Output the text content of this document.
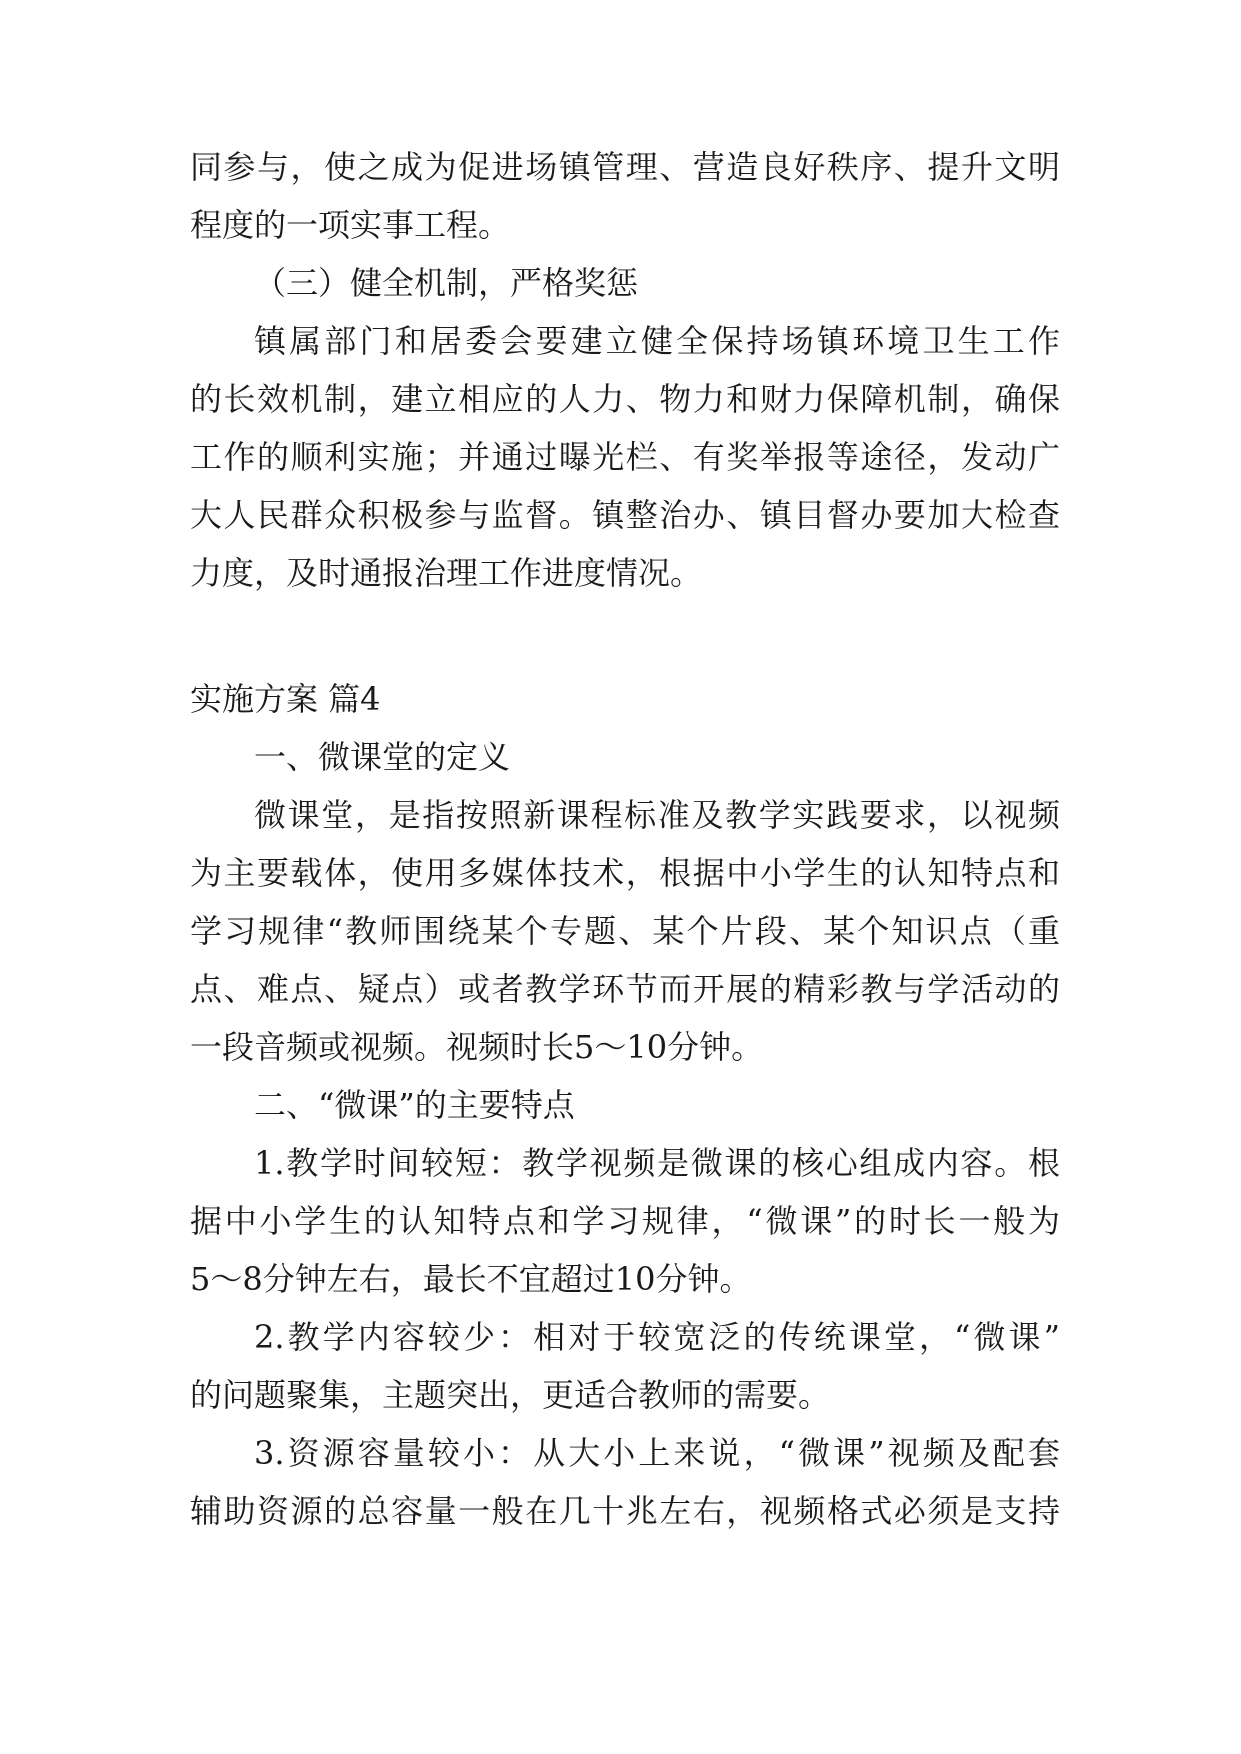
同参与，使之成为促进场镇管理、营造良好秩序、提升文明
程度的一项实事工程。
（三）健全机制，严格奖惩
镇属部门和居委会要建立健全保持场镇环境卫生工作
的长效机制，建立相应的人力、物力和财力保障机制，确保
工作的顺利实施；并通过曝光栏、有奖举报等途径，发动广
大人民群众积极参与监督。镇整治办、镇目督办要加大检查
力度，及时通报治理工作进度情况。
实施方案 篇4
一、微课堂的定义
微课堂，是指按照新课程标准及教学实践要求，以视频
为主要载体，使用多媒体技术，根据中小学生的认知特点和
学习规律“教师围绕某个专题、某个片段、某个知识点（重
点、难点、疑点）或者教学环节而开展的精彩教与学活动的
一段音频或视频。视频时长5～10分钟。
二、“微课”的主要特点
1.教学时间较短：教学视频是微课的核心组成内容。根
据中小学生的认知特点和学习规律，“微课”的时长一般为
5～8分钟左右，最长不宜超过10分钟。
2.教学内容较少：相对于较宽泛的传统课堂，“微课”
的问题聚集，主题突出，更适合教师的需要。
3.资源容量较小：从大小上来说，“微课”视频及配套
辅助资源的总容量一般在几十兆左右，视频格式必须是支持
